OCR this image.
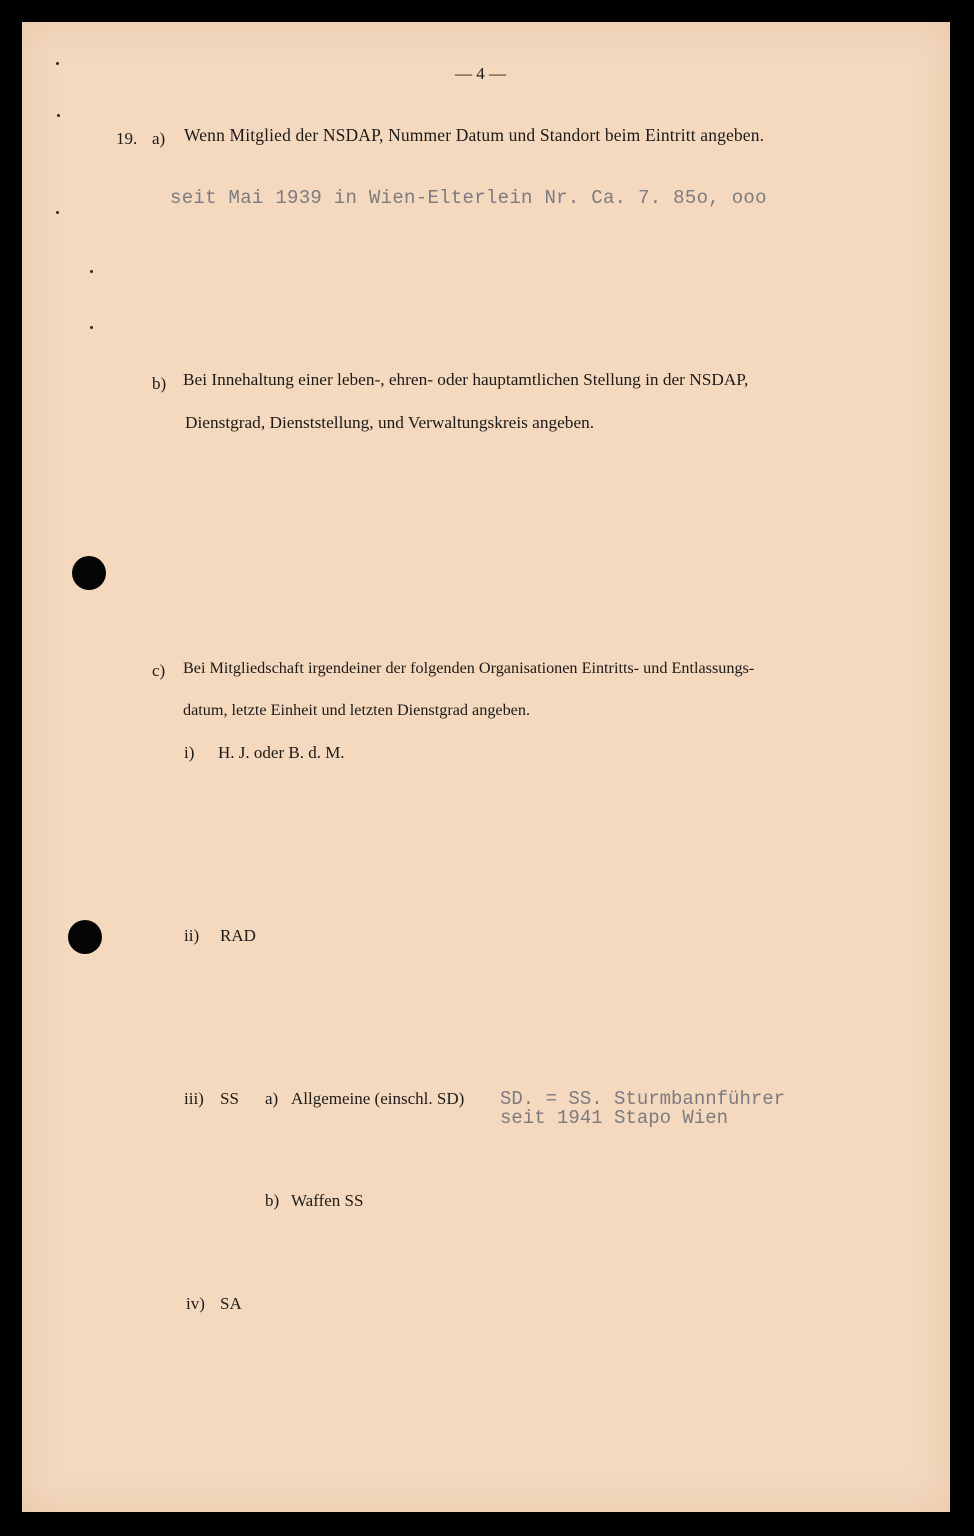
— 4 —
19. a) Wenn Mitglied der NSDAP, Nummer Datum und Standort beim Eintritt angeben.
seit Mai 1939 in Wien-Elterlein Nr. Ca. 7. 85o, ooo
b) Bei Innehaltung einer leben-, ehren- oder hauptamtlichen Stellung in der NSDAP,
Dienstgrad, Dienststellung, und Verwaltungskreis angeben.
c) Bei Mitgliedschaft irgendeiner der folgenden Organisationen Eintritts- und Entlassungs-
datum, letzte Einheit und letzten Dienstgrad angeben.
i) H. J. oder B. d. M.
ii) RAD
iii) SS a) Allgemeine (einschl. SD) SD. = SS. Sturmbannführer
seit 1941 Stapo Wien
b) Waffen SS
iv) SA
